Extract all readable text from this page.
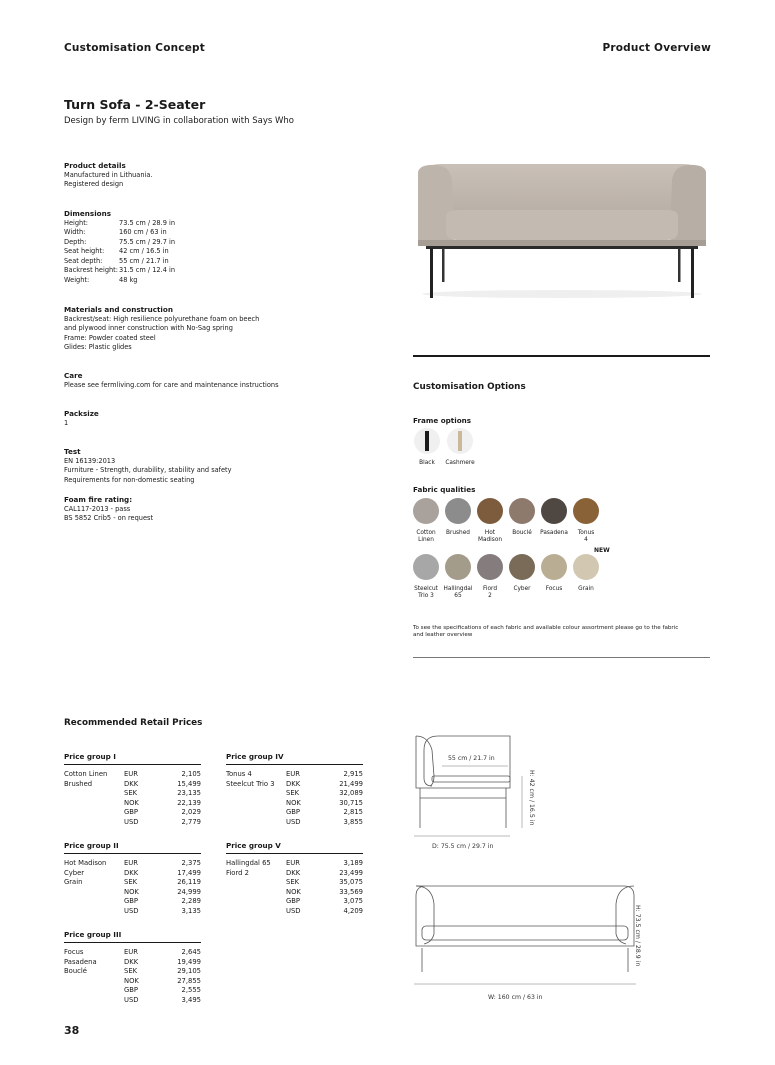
Customisation Concept	Product Overview
Turn Sofa - 2-Seater
Design by ferm LIVING in collaboration with Says Who
Product details
Manufactured in Lithuania.
Registered design
Dimensions
Height:	73.5 cm / 28.9 in
Width:	160 cm / 63 in
Depth:	75.5 cm / 29.7 in
Seat height:	42 cm / 16.5 in
Seat depth:	55 cm / 21.7 in
Backrest height: 31.5 cm / 12.4 in
Weight:	48 kg
Materials and construction
Backrest/seat: High resilience polyurethane foam on beech
and plywood inner construction with No-Sag spring
Frame: Powder coated steel
Glides: Plastic glides
Care
Please see fermliving.com for care and maintenance instructions
Packsize
1
Test
EN 16139:2013
Furniture - Strength, durability, stability and safety
Requirements for non-domestic seating
Foam fire rating:
CAL117-2013 - pass
BS 5852 Crib5 - on request
Customisation Options
Frame options
Black	Cashmere
Fabric qualities
Cotton
Linen
Brushed	Hot
Madison
Bouclé	Pasadena	Tonus
4
NEW
Steelcut
Trio 3
Hallingdal
65
Fiord
2
Cyber	Focus	Grain
To see the specifications of each fabric and available colour assortment please go to the fabric
and leather overview
Recommended Retail Prices
Price group I
Cotton Linen	EUR	2,105
Brushed	DKK	15,499
	SEK	23,135
	NOK	22,139
	GBP	2,029
	USD	2,779
Price group IV
Tonus 4	EUR	2,915
Steelcut Trio 3	DKK	21,499
	SEK	32,089
	NOK	30,715
	GBP	2,815
	USD	3,855
Price group II
Hot Madison	EUR	2,375
Cyber	DKK	17,499
Grain	SEK	26,119
	NOK	24,999
	GBP	2,289
	USD	3,135
Price group V
Hallingdal 65	EUR	3,189
Fiord 2	DKK	23,499
	SEK	35,075
	NOK	33,569
	GBP	3,075
	USD	4,209
Price group III
Focus	EUR	2,645
Pasadena	DKK	19,499
Bouclé	SEK	29,105
	NOK	27,855
	GBP	2,555
	USD	3,495
55 cm / 21.7 in
H: 42 cm / 16.5 in
D: 75.5 cm / 29.7 in
H: 73.5 cm / 28.9 in
W: 160 cm / 63 in
38
